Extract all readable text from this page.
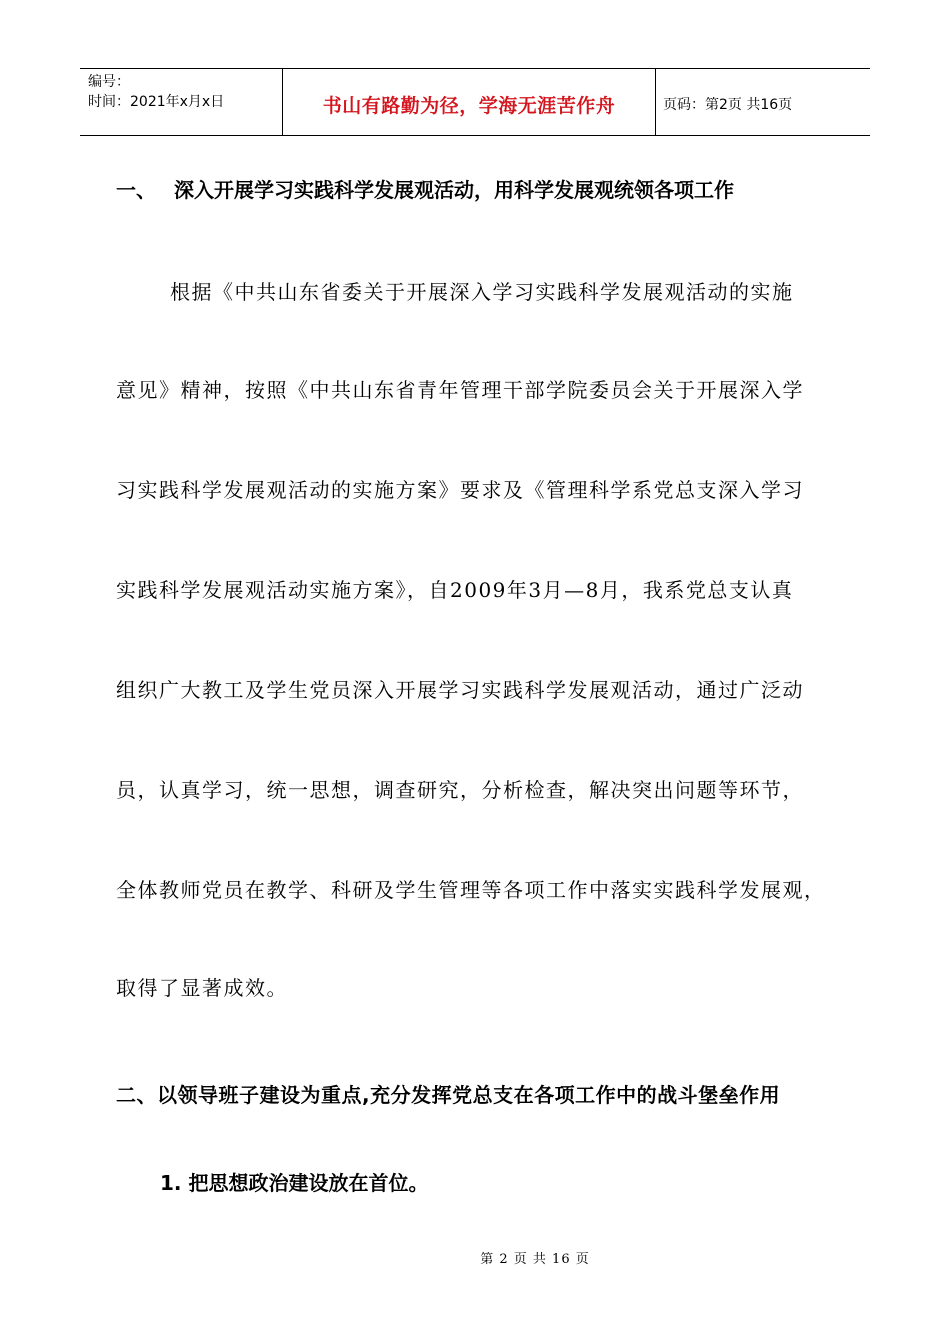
编号：
时间：2021年x月x日	书山有路勤为径，学海无涯苦作舟	页码：第2页 共16页
一、 深入开展学习实践科学发展观活动，用科学发展观统领各项工作
根据《中共山东省委关于开展深入学习实践科学发展观活动的实施
意见》精神，按照《中共山东省青年管理干部学院委员会关于开展深入学
习实践科学发展观活动的实施方案》要求及《管理科学系党总支深入学习
实践科学发展观活动实施方案》，自2009年3月—8月，我系党总支认真
组织广大教工及学生党员深入开展学习实践科学发展观活动，通过广泛动
员，认真学习，统一思想，调查研究，分析检查，解决突出问题等环节，
全体教师党员在教学、科研及学生管理等各项工作中落实实践科学发展观，
取得了显著成效。
二、以领导班子建设为重点,充分发挥党总支在各项工作中的战斗堡垒作用
1. 把思想政治建设放在首位。
第 2 页 共 16 页
